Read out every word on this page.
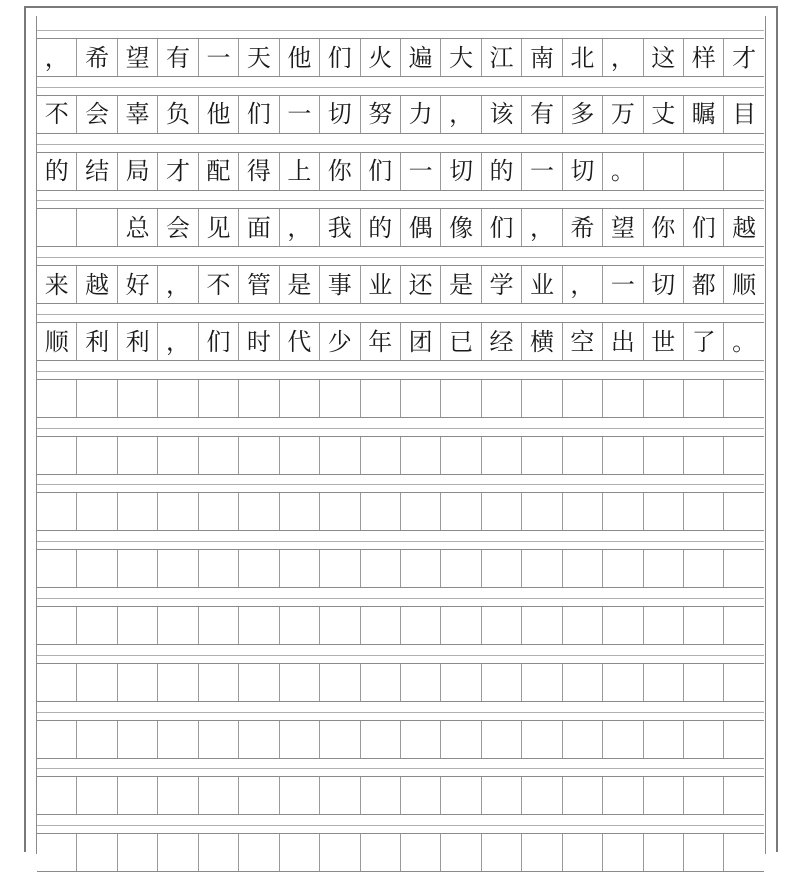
， 希 望 有 一 天 他 们 火 遍 大 江 南 北 ， 这 样 才
不 会 辜 负 他 们 一 切 努 力 ， 该 有 多 万 丈 瞩 目
的 结 局 才 配 得 上 你 们 一 切 的 一 切 。
总 会 见 面 ， 我 的 偶 像 们 ， 希 望 你 们 越
来 越 好 ， 不 管 是 事 业 还 是 学 业 ， 一 切 都 顺
顺 利 利 ， 们 时 代 少 年 团 已 经 横 空 出 世 了 。
